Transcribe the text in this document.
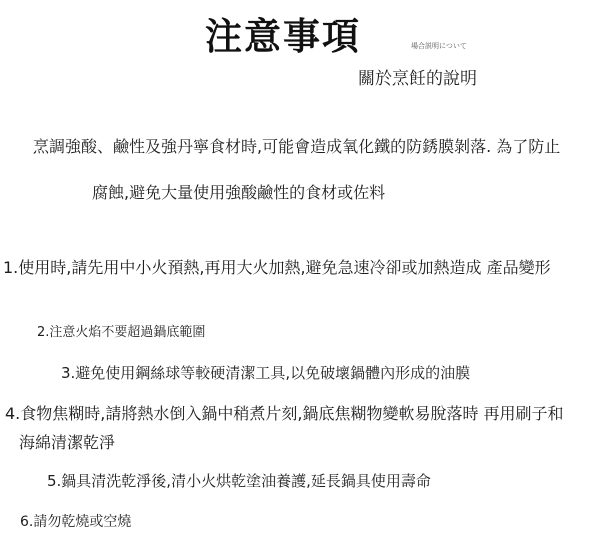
注意事項	場合説明について
關於烹飪的說明

烹調強酸、鹼性及強丹寧食材時,可能會造成氧化鐵的防銹膜剝落. 為了防止

腐蝕,避免大量使用強酸鹼性的食材或佐料

1.使用時,請先用中小火預熱,再用大火加熱,避免急速冷卻或加熱造成 產品變形

2.注意火焰不要超過鍋底範圍

3.避免使用鋼絲球等較硬清潔工具,以免破壞鍋體內形成的油膜

4.食物焦糊時,請將熱水倒入鍋中稍煮片刻,鍋底焦糊物變軟易脫落時 再用刷子和

海綿清潔乾淨

5.鍋具清洗乾淨後,清小火烘乾塗油養護,延長鍋具使用壽命

6.請勿乾燒或空燒
